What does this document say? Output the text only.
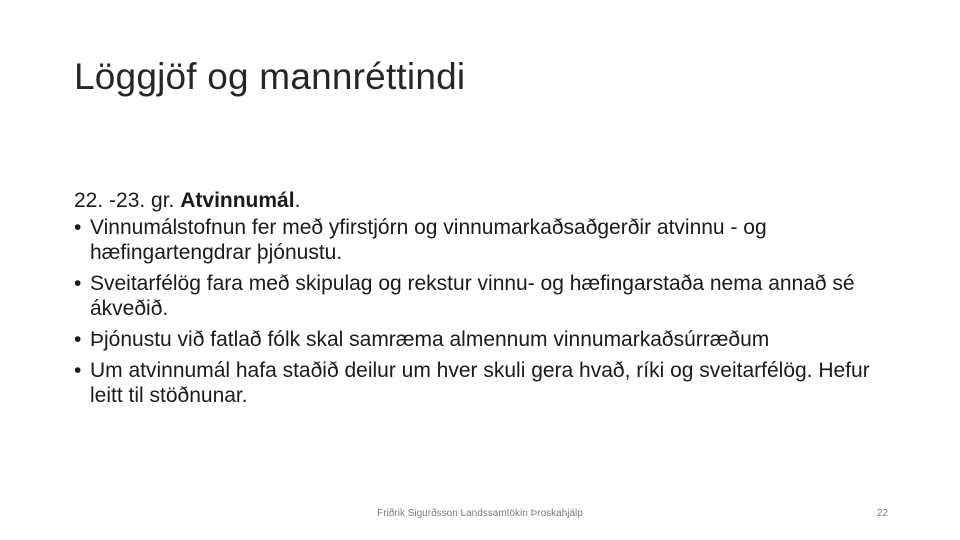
Löggjöf og mannréttindi

22. -23. gr. Atvinnumál.

• Vinnumálstofnun fer með yfirstjórn og vinnumarkaðsaðgerðir atvinnu - og hæfingartengdrar þjónustu.
• Sveitarfélög fara með skipulag og rekstur vinnu- og hæfingarstaða nema annað sé ákveðið.
• Þjónustu við fatlað fólk skal samræma almennum vinnumarkaðsúrræðum
• Um atvinnumál hafa staðið deilur um hver skuli gera hvað, ríki og sveitarfélög. Hefur leitt til stöðnunar.
Friðrik Sigurðsson Landssamtökin Þroskahjálp	22
